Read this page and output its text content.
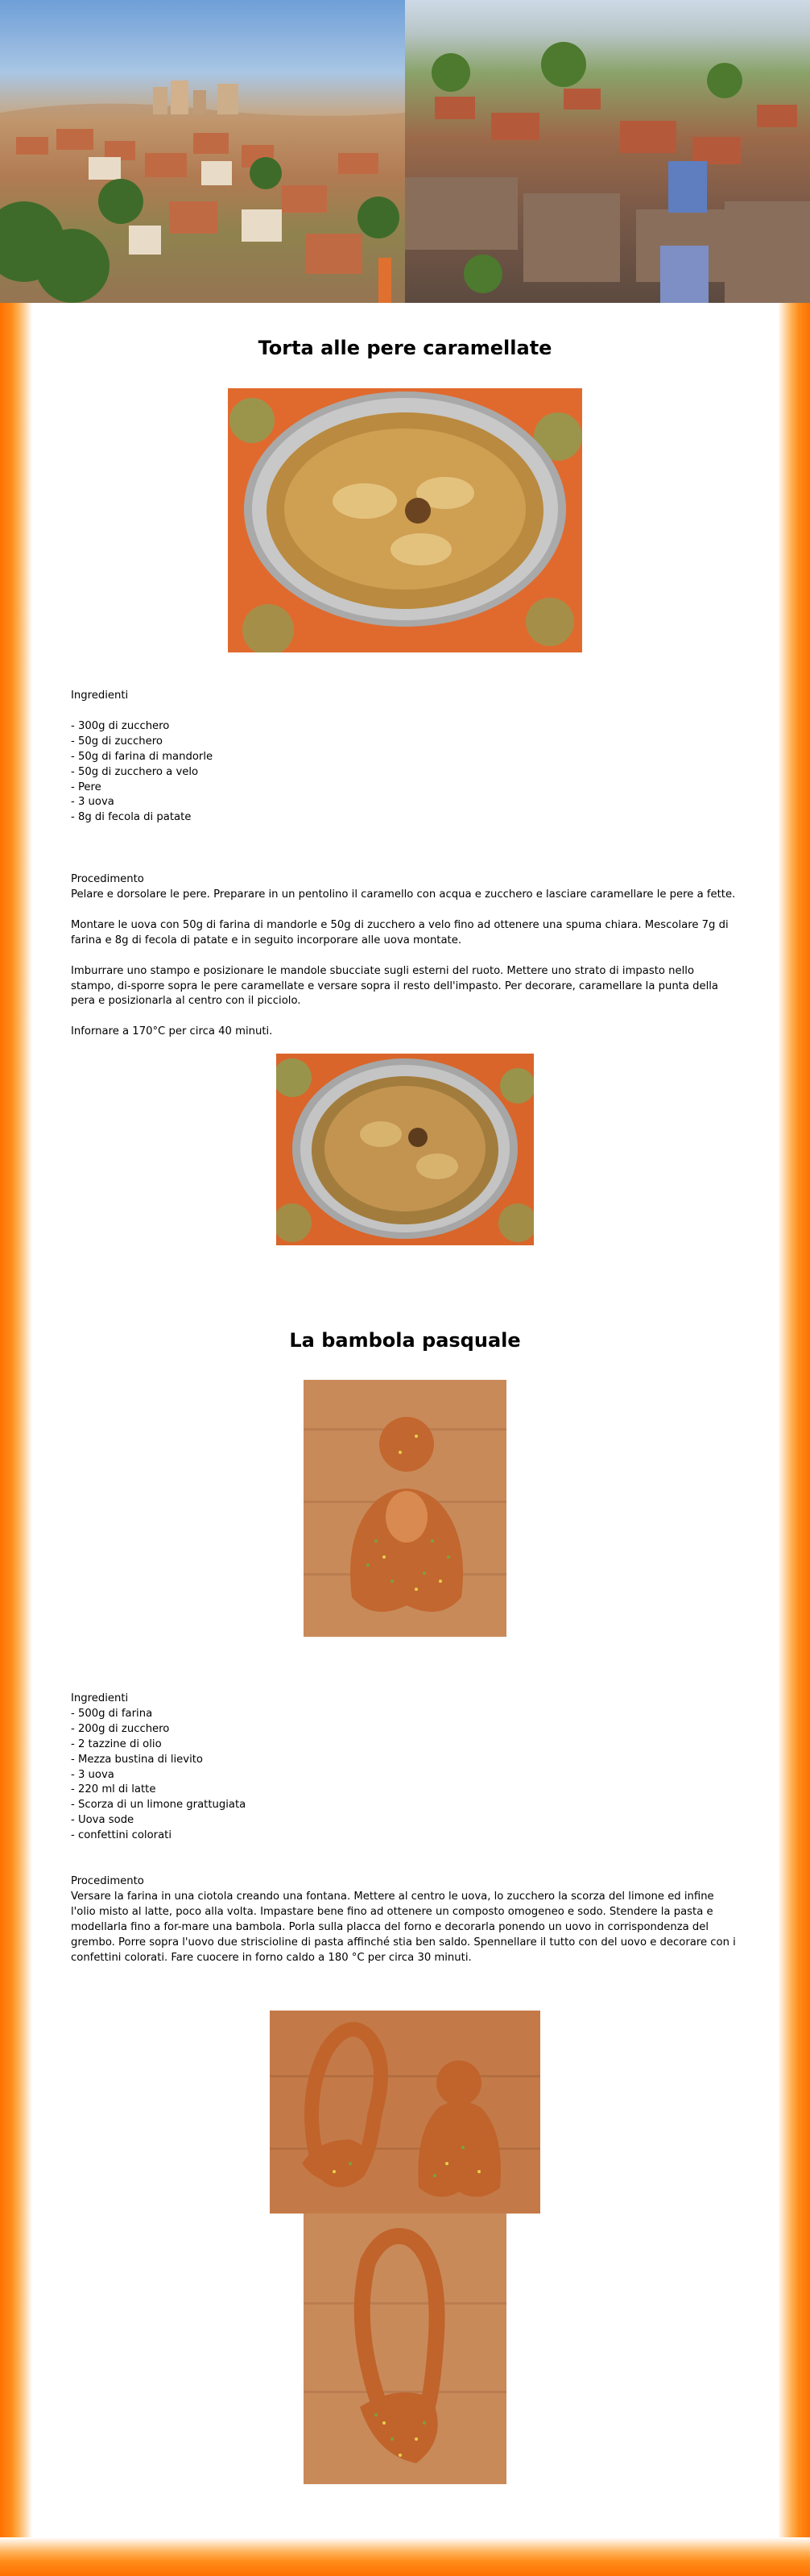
Torta alle pere caramellate

Ingredienti

- 300g di zucchero
- 50g di zucchero
- 50g di farina di mandorle
- 50g di zucchero a velo
- Pere
- 3 uova
- 8g di fecola di patate

Procedimento

Pelare e dorsolare le pere. Preparare in un pentolino il caramello con acqua e zucchero e lasciare caramellare le pere a fette.

Montare le uova con 50g di farina di mandorle e 50g di zucchero a velo fino ad ottenere una spuma chiara. Mescolare 7g di farina e 8g di fecola di patate e in seguito incorporare alle uova montate.

Imburrare uno stampo e posizionare le mandole sbucciate sugli esterni del ruoto. Mettere uno strato di impasto nello stampo, di-sporre sopra le pere caramellate e versare sopra il resto dell'impasto. Per decorare, caramellare la punta della pera e posizionarla al centro con il picciolo.

Infornare a 170°C per circa 40 minuti.

La bambola pasquale

Ingredienti

- 500g di farina
- 200g di zucchero
- 2 tazzine di olio
- Mezza bustina di lievito
- 3 uova
- 220 ml di latte
- Scorza di un limone grattugiata
- Uova sode
- confettini colorati

Procedimento

Versare la farina in una ciotola creando una fontana. Mettere al centro le uova, lo zucchero la scorza del limone ed infine l'olio misto al latte, poco alla volta. Impastare bene fino ad ottenere un composto omogeneo e sodo. Stendere la pasta e modellarla fino a for-mare una bambola. Porla sulla placca del forno e decorarla ponendo un uovo in corrispondenza del grembo. Porre sopra l'uovo due striscioline di pasta affinché stia ben saldo. Spennellare il tutto con del uovo e decorare con i confettini colorati. Fare cuocere in forno caldo a 180 °C per circa 30 minuti.
